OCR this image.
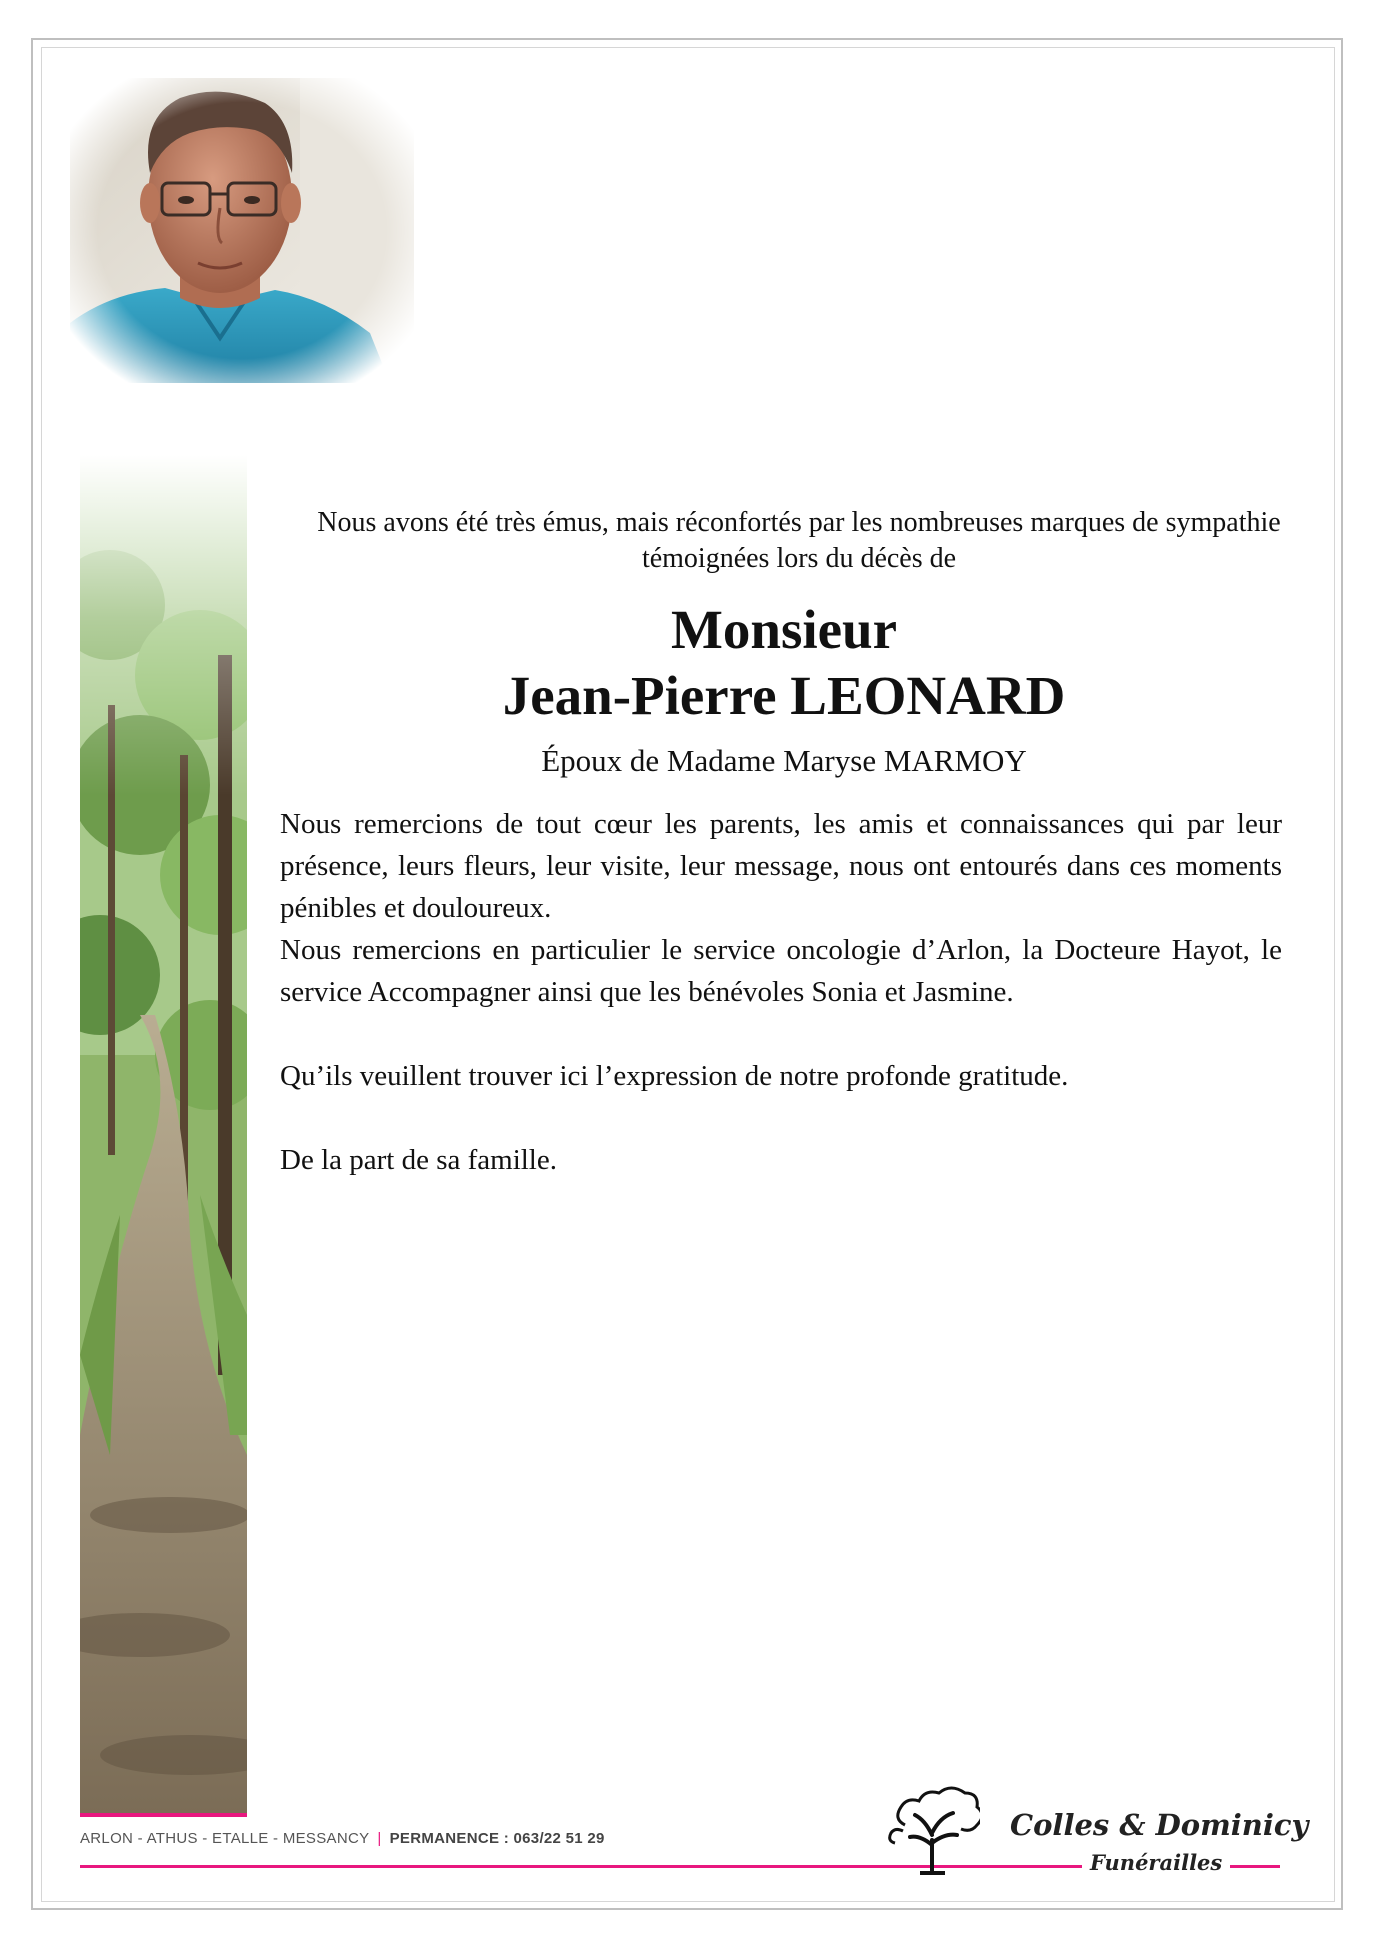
Nous avons été très émus, mais réconfortés par les nombreuses marques de sympathie témoignées lors du décès de

Monsieur

Jean-Pierre LEONARD

Époux de Madame Maryse MARMOY

Nous remercions de tout cœur les parents, les amis et connaissances qui par leur présence, leurs fleurs, leur visite, leur message, nous ont entourés dans ces moments pénibles et douloureux.

Nous remercions en particulier le service oncologie d’Arlon, la Docteure Hayot, le service Accompagner ainsi que les bénévoles Sonia et Jasmine.

Qu’ils veuillent trouver ici l’expression de notre profonde gratitude.

De la part de sa famille.

ARLON - ATHUS - ETALLE - MESSANCY | PERMANENCE : 063/22 51 29	Colles & Dominicy
Funérailles
